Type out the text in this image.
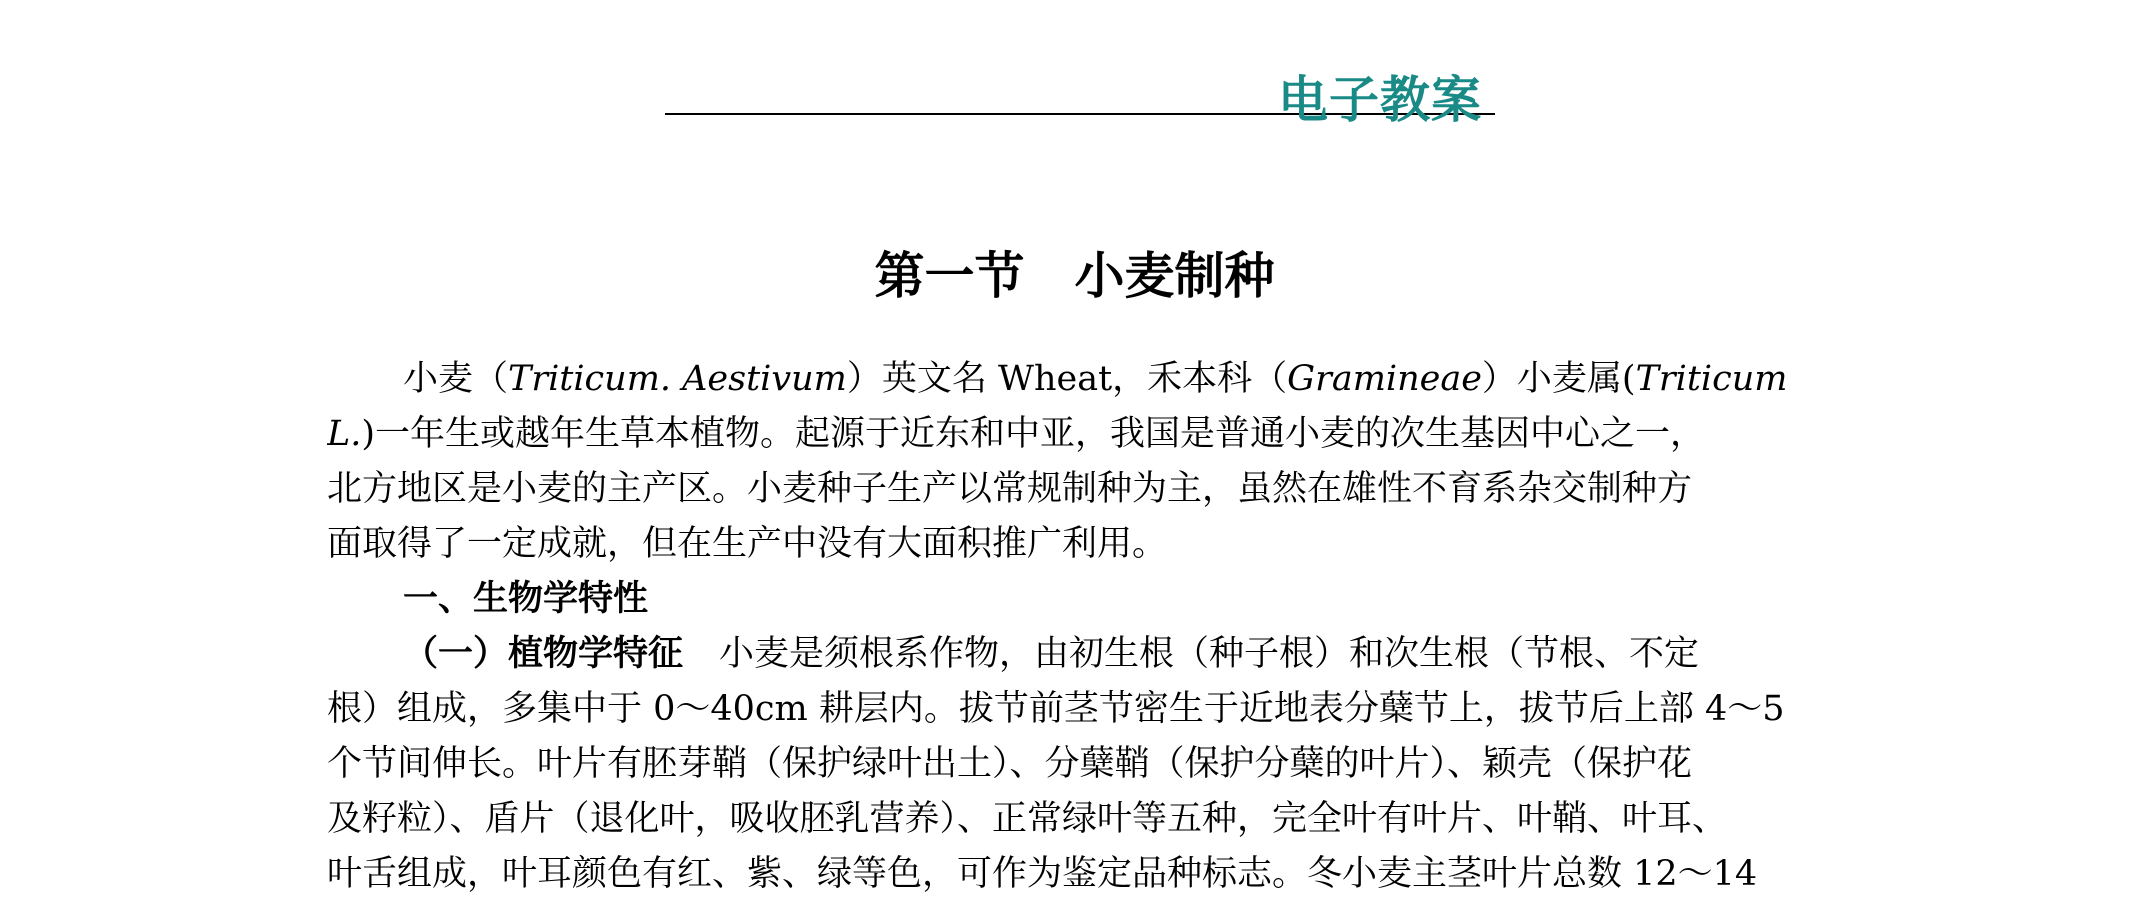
电子教案
第一节　小麦制种
小麦（Triticum. Aestivum）英文名 Wheat，禾本科（Gramineae）小麦属(Triticum
L.)一年生或越年生草本植物。起源于近东和中亚，我国是普通小麦的次生基因中心之一，
北方地区是小麦的主产区。小麦种子生产以常规制种为主，虽然在雄性不育系杂交制种方
面取得了一定成就，但在生产中没有大面积推广利用。
一、生物学特性
（一）植物学特征 小麦是须根系作物，由初生根（种子根）和次生根（节根、不定
根）组成，多集中于 0～40cm 耕层内。拔节前茎节密生于近地表分蘖节上，拔节后上部 4～5
个节间伸长。叶片有胚芽鞘（保护绿叶出土）、分蘖鞘（保护分蘖的叶片）、颖壳（保护花
及籽粒）、盾片（退化叶，吸收胚乳营养）、正常绿叶等五种，完全叶有叶片、叶鞘、叶耳、
叶舌组成，叶耳颜色有红、紫、绿等色，可作为鉴定品种标志。冬小麦主茎叶片总数 12～14
